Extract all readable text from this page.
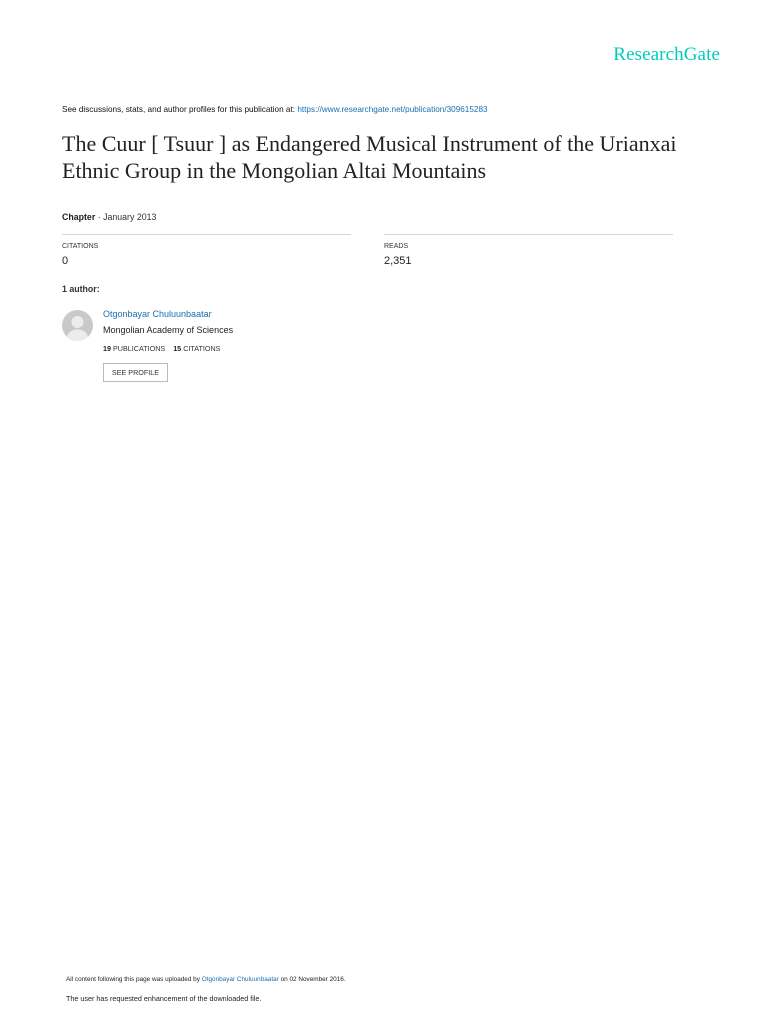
ResearchGate
See discussions, stats, and author profiles for this publication at: https://www.researchgate.net/publication/309615283
The Cuur [ Tsuur ] as Endangered Musical Instrument of the Urianxai Ethnic Group in the Mongolian Altai Mountains
Chapter · January 2013
CITATIONS
0
READS
2,351
1 author:
Otgonbayar Chuluunbaatar
Mongolian Academy of Sciences
19 PUBLICATIONS 15 CITATIONS
SEE PROFILE
All content following this page was uploaded by Otgonbayar Chuluunbaatar on 02 November 2016.
The user has requested enhancement of the downloaded file.
